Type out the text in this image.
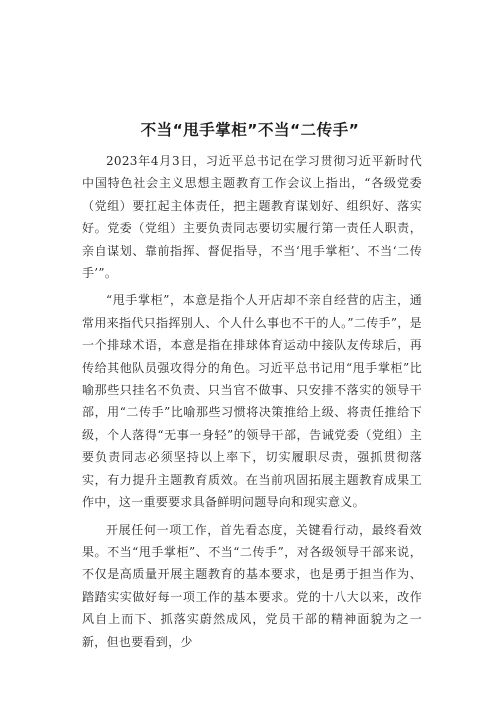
不当“甩手掌柜”不当“二传手”

2023年4月3日，习近平总书记在学习贯彻习近平新时代中国特色社会主义思想主题教育工作会议上指出，“各级党委（党组）要扛起主体责任，把主题教育谋划好、组织好、落实好。党委（党组）主要负责同志要切实履行第一责任人职责，亲自谋划、靠前指挥、督促指导，不当‘甩手掌柜’、不当‘二传手’”。

“甩手掌柜”，本意是指个人开店却不亲自经营的店主，通常用来指代只指挥别人、个人什么事也不干的人。”二传手”，是一个排球术语，本意是指在排球体育运动中接队友传球后，再传给其他队员强攻得分的角色。习近平总书记用“甩手掌柜”比喻那些只挂名不负责、只当官不做事、只安排不落实的领导干部，用“二传手”比喻那些习惯将决策推给上级、将责任推给下级，个人落得“无事一身轻”的领导干部，告诫党委（党组）主要负责同志必须坚持以上率下，切实履职尽责，强抓贯彻落实，有力提升主题教育质效。在当前巩固拓展主题教育成果工作中，这一重要要求具备鲜明问题导向和现实意义。

开展任何一项工作，首先看态度，关键看行动，最终看效果。不当“甩手掌柜”、不当“二传手”，对各级领导干部来说，不仅是高质量开展主题教育的基本要求，也是勇于担当作为、踏踏实实做好每一项工作的基本要求。党的十八大以来，改作风自上而下、抓落实蔚然成风，党员干部的精神面貌为之一新，但也要看到，少
